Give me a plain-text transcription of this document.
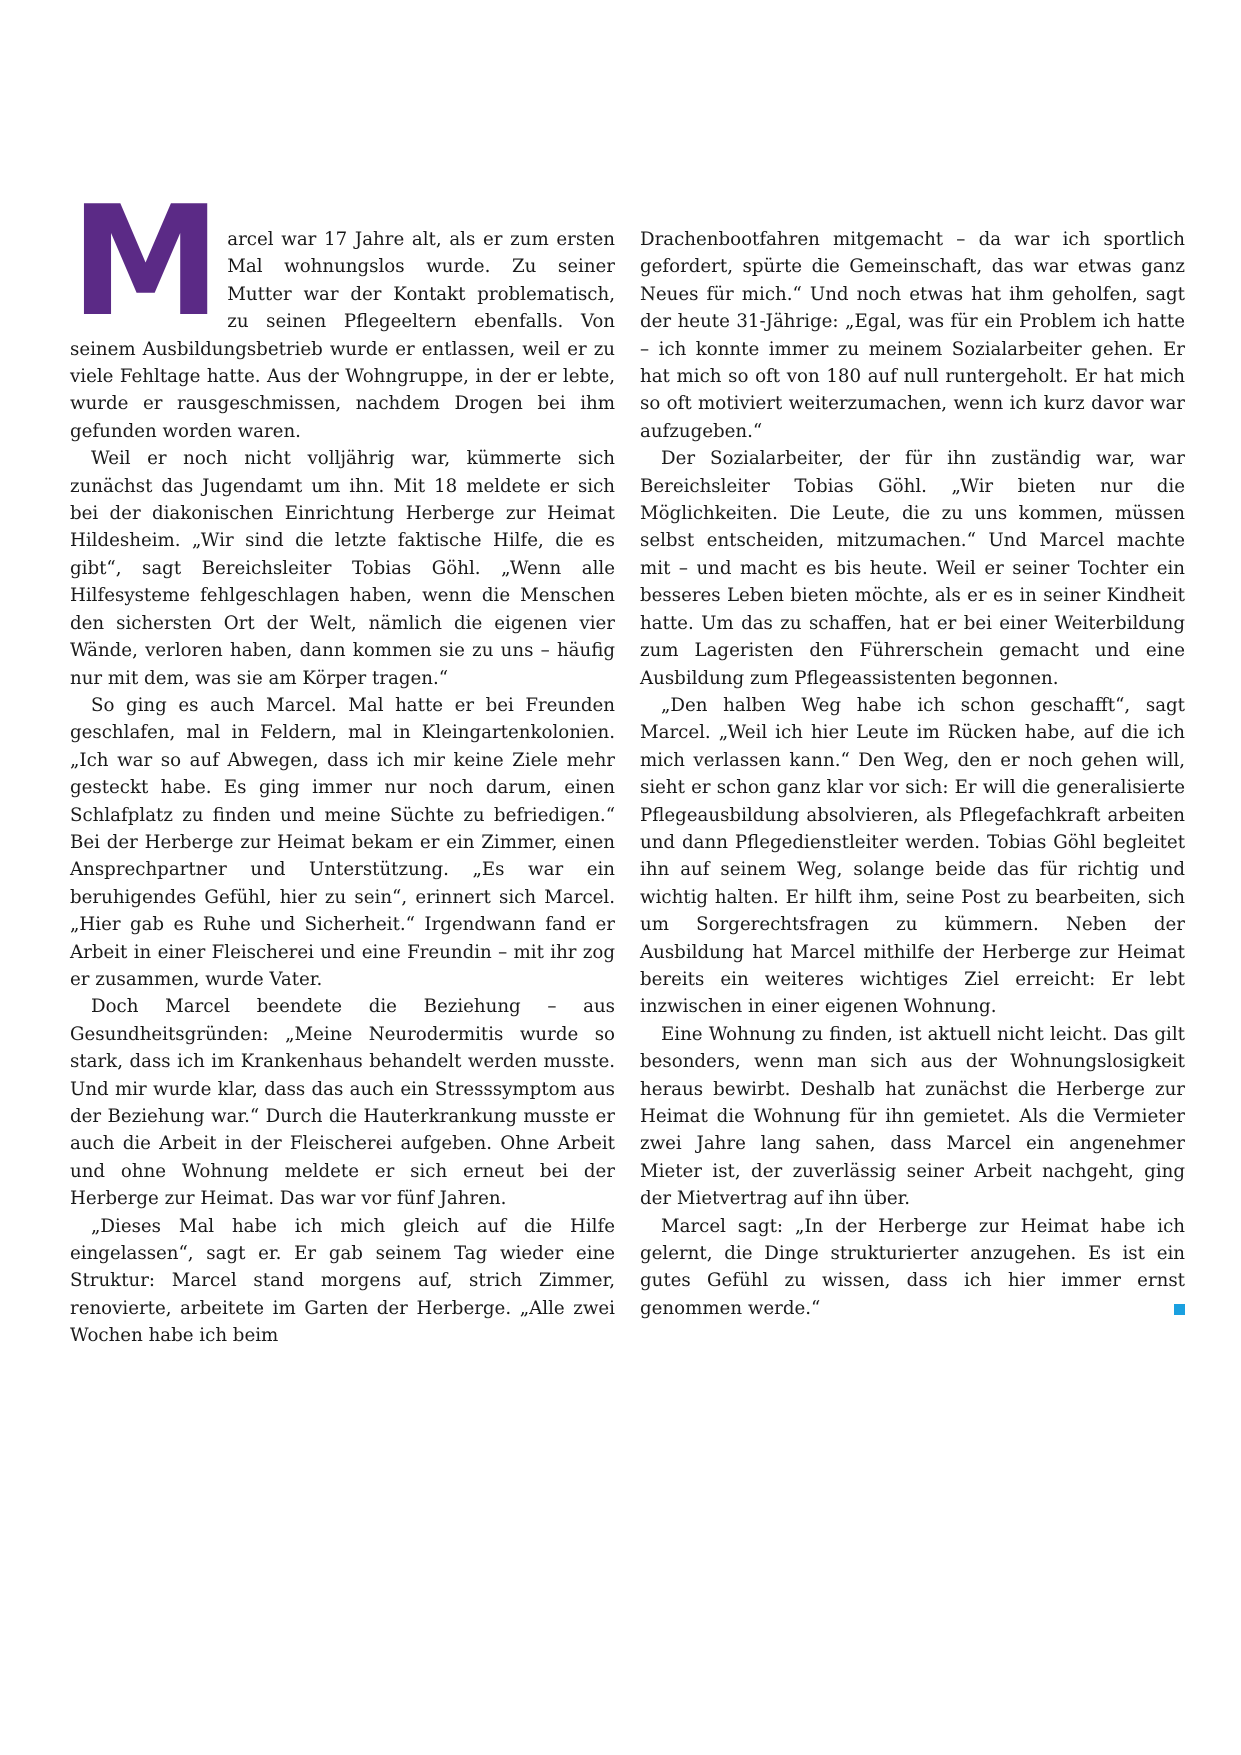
Marcel war 17 Jahre alt, als er zum ersten Mal wohnungslos wurde. Zu seiner Mutter war der Kontakt problematisch, zu seinen Pflegeeltern ebenfalls. Von seinem Ausbildungsbetrieb wurde er entlassen, weil er zu viele Fehltage hatte. Aus der Wohngruppe, in der er lebte, wurde er rausgeschmissen, nachdem Drogen bei ihm gefunden worden waren.

Weil er noch nicht volljährig war, kümmerte sich zunächst das Jugendamt um ihn. Mit 18 meldete er sich bei der diakonischen Einrichtung Herberge zur Heimat Hildesheim. „Wir sind die letzte faktische Hilfe, die es gibt“, sagt Bereichsleiter Tobias Göhl. „Wenn alle Hilfesysteme fehlgeschlagen haben, wenn die Menschen den sichersten Ort der Welt, nämlich die eigenen vier Wände, verloren haben, dann kommen sie zu uns – häufig nur mit dem, was sie am Körper tragen.“

So ging es auch Marcel. Mal hatte er bei Freunden geschlafen, mal in Feldern, mal in Kleingartenkolonien. „Ich war so auf Abwegen, dass ich mir keine Ziele mehr gesteckt habe. Es ging immer nur noch darum, einen Schlafplatz zu finden und meine Süchte zu befriedigen.“ Bei der Herberge zur Heimat bekam er ein Zimmer, einen Ansprechpartner und Unterstützung. „Es war ein beruhigendes Gefühl, hier zu sein“, erinnert sich Marcel. „Hier gab es Ruhe und Sicherheit.“ Irgendwann fand er Arbeit in einer Fleischerei und eine Freundin – mit ihr zog er zusammen, wurde Vater.

Doch Marcel beendete die Beziehung – aus Gesundheitsgründen: „Meine Neurodermitis wurde so stark, dass ich im Krankenhaus behandelt werden musste. Und mir wurde klar, dass das auch ein Stresssymptom aus der Beziehung war.“ Durch die Hauterkrankung musste er auch die Arbeit in der Fleischerei aufgeben. Ohne Arbeit und ohne Wohnung meldete er sich erneut bei der Herberge zur Heimat. Das war vor fünf Jahren.

„Dieses Mal habe ich mich gleich auf die Hilfe eingelassen“, sagt er. Er gab seinem Tag wieder eine Struktur: Marcel stand morgens auf, strich Zimmer, renovierte, arbeitete im Garten der Herberge. „Alle zwei Wochen habe ich beim

Drachenbootfahren mitgemacht – da war ich sportlich gefordert, spürte die Gemeinschaft, das war etwas ganz Neues für mich.“ Und noch etwas hat ihm geholfen, sagt der heute 31-Jährige: „Egal, was für ein Problem ich hatte – ich konnte immer zu meinem Sozialarbeiter gehen. Er hat mich so oft von 180 auf null runtergeholt. Er hat mich so oft motiviert weiterzumachen, wenn ich kurz davor war aufzugeben.“

Der Sozialarbeiter, der für ihn zuständig war, war Bereichsleiter Tobias Göhl. „Wir bieten nur die Möglichkeiten. Die Leute, die zu uns kommen, müssen selbst entscheiden, mitzumachen.“ Und Marcel machte mit – und macht es bis heute. Weil er seiner Tochter ein besseres Leben bieten möchte, als er es in seiner Kindheit hatte. Um das zu schaffen, hat er bei einer Weiterbildung zum Lageristen den Führerschein gemacht und eine Ausbildung zum Pflegeassistenten begonnen.

„Den halben Weg habe ich schon geschafft“, sagt Marcel. „Weil ich hier Leute im Rücken habe, auf die ich mich verlassen kann.“ Den Weg, den er noch gehen will, sieht er schon ganz klar vor sich: Er will die generalisierte Pflegeausbildung absolvieren, als Pflegefachkraft arbeiten und dann Pflegedienstleiter werden. Tobias Göhl begleitet ihn auf seinem Weg, solange beide das für richtig und wichtig halten. Er hilft ihm, seine Post zu bearbeiten, sich um Sorgerechtsfragen zu kümmern. Neben der Ausbildung hat Marcel mithilfe der Herberge zur Heimat bereits ein weiteres wichtiges Ziel erreicht: Er lebt inzwischen in einer eigenen Wohnung.

Eine Wohnung zu finden, ist aktuell nicht leicht. Das gilt besonders, wenn man sich aus der Wohnungslosigkeit heraus bewirbt. Deshalb hat zunächst die Herberge zur Heimat die Wohnung für ihn gemietet. Als die Vermieter zwei Jahre lang sahen, dass Marcel ein angenehmer Mieter ist, der zuverlässig seiner Arbeit nachgeht, ging der Mietvertrag auf ihn über.

Marcel sagt: „In der Herberge zur Heimat habe ich gelernt, die Dinge strukturierter anzugehen. Es ist ein gutes Gefühl zu wissen, dass ich hier immer ernst genommen werde.“
